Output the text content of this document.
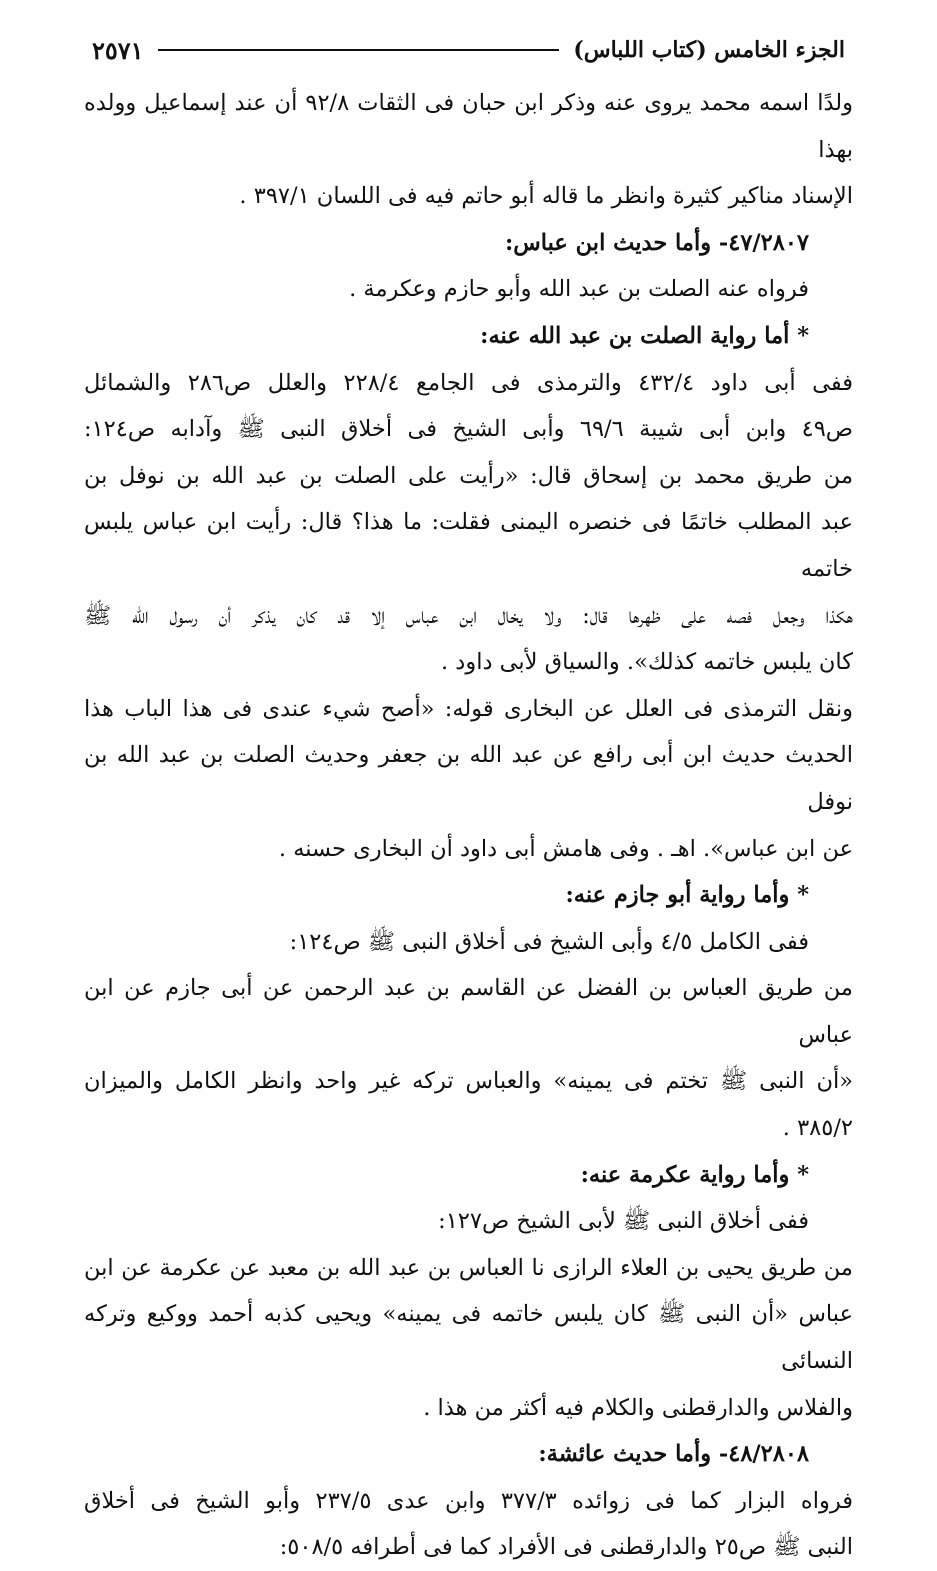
الجزء الخامس (كتاب اللباس)
٢٥٧١

ولدًا اسمه محمد يروى عنه وذكر ابن حبان فى الثقات ٩٢/٨ أن عند إسماعيل وولده بهذا

الإسناد مناكير كثيرة وانظر ما قاله أبو حاتم فيه فى اللسان ٣٩٧/١ .

٤٧/٢٨٠٧- وأما حديث ابن عباس:

فرواه عنه الصلت بن عبد الله وأبو حازم وعكرمة .

* أما رواية الصلت بن عبد الله عنه:

ففى أبى داود ٤٣٢/٤ والترمذى فى الجامع ٢٢٨/٤ والعلل ص٢٨٦ والشمائل

ص٤٩ وابن أبى شيبة ٦٩/٦ وأبى الشيخ فى أخلاق النبى ﷺ وآدابه ص١٢٤:

من طريق محمد بن إسحاق قال: «رأيت على الصلت بن عبد الله بن نوفل بن

عبد المطلب خاتمًا فى خنصره اليمنى فقلت: ما هذا؟ قال: رأيت ابن عباس يلبس خاتمه

هكذا وجعل فصه على ظهرها قال: ولا يخال ابن عباس إلا قد كان يذكر أن رسول الله ﷺ

كان يلبس خاتمه كذلك». والسياق لأبى داود .

ونقل الترمذى فى العلل عن البخارى قوله: «أصح شيء عندى فى هذا الباب هذا

الحديث حديث ابن أبى رافع عن عبد الله بن جعفر وحديث الصلت بن عبد الله بن نوفل

عن ابن عباس». اهـ . وفى هامش أبى داود أن البخارى حسنه .

* وأما رواية أبو جازم عنه:

ففى الكامل ٤/٥ وأبى الشيخ فى أخلاق النبى ﷺ ص١٢٤:

من طريق العباس بن الفضل عن القاسم بن عبد الرحمن عن أبى جازم عن ابن عباس

«أن النبى ﷺ تختم فى يمينه» والعباس تركه غير واحد وانظر الكامل والميزان ٣٨٥/٢ .

* وأما رواية عكرمة عنه:

ففى أخلاق النبى ﷺ لأبى الشيخ ص١٢٧:

من طريق يحيى بن العلاء الرازى نا العباس بن عبد الله بن معبد عن عكرمة عن ابن

عباس «أن النبى ﷺ كان يلبس خاتمه فى يمينه» ويحيى كذبه أحمد ووكيع وتركه النسائى

والفلاس والدارقطنى والكلام فيه أكثر من هذا .

٤٨/٢٨٠٨- وأما حديث عائشة:

فرواه البزار كما فى زوائده ٣٧٧/٣ وابن عدى ٢٣٧/٥ وأبو الشيخ فى أخلاق

النبى ﷺ ص٢٥ والدارقطنى فى الأفراد كما فى أطرافه ٥٠٨/٥:
